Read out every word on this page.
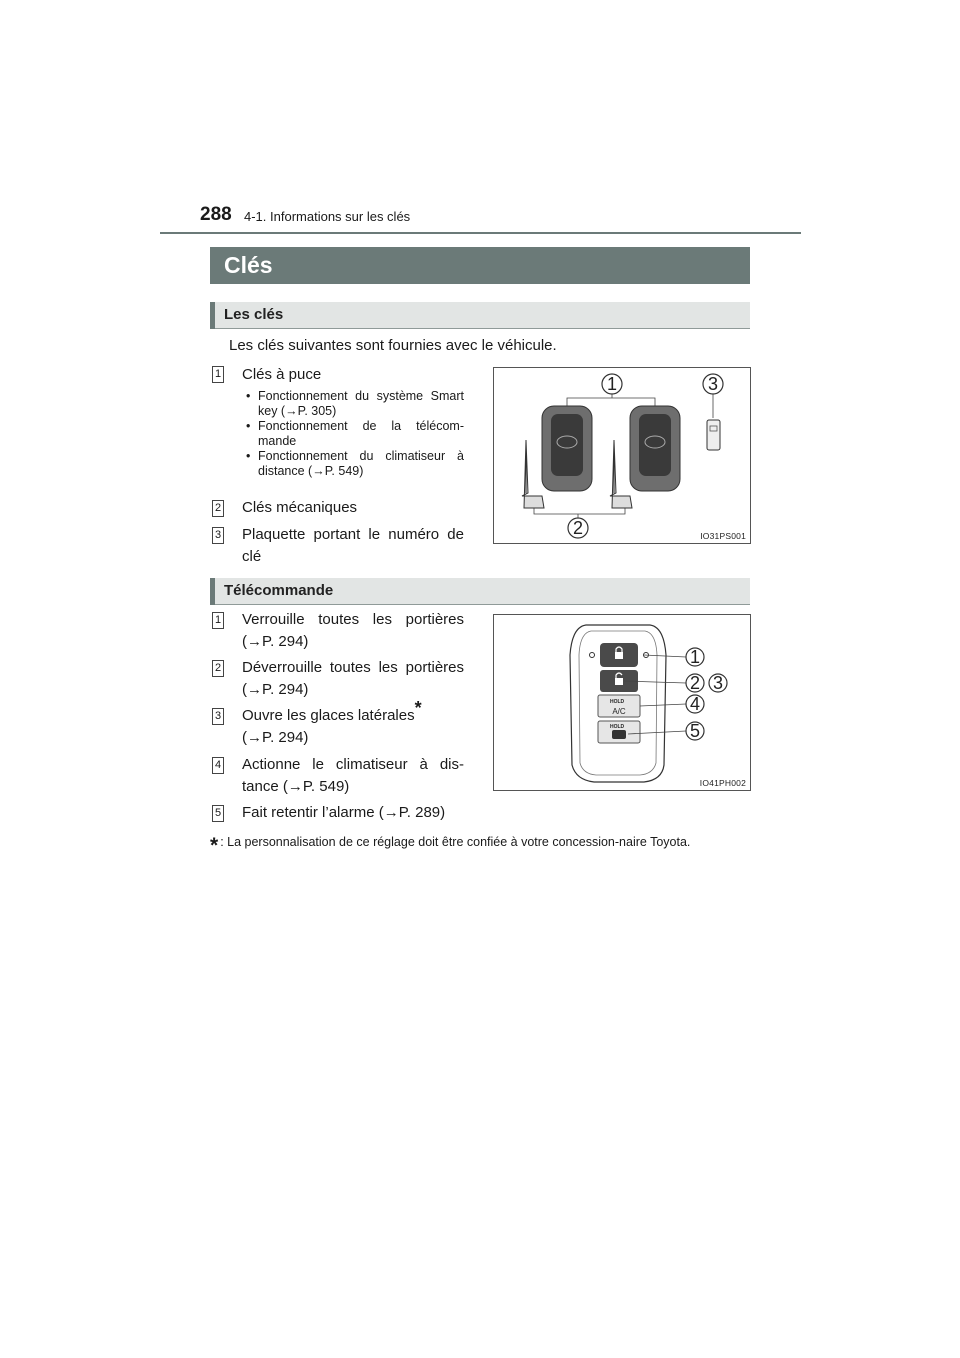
288 4-1. Informations sur les clés
Clés
Les clés
Les clés suivantes sont fournies avec le véhicule.
1 Clés à puce
• Fonctionnement du système Smart key (→P. 305)
• Fonctionnement de la télécom-mande
• Fonctionnement du climatiseur à distance (→P. 549)
2 Clés mécaniques
3 Plaquette portant le numéro de clé
1	3
2	IO31PS001
Télécommande
1 Verrouille toutes les portières (→P. 294)
2 Déverrouille toutes les portières (→P. 294)
3 Ouvre les glaces latérales*
(→P. 294)
4 Actionne le climatiseur à dis-tance (→P. 549)
5 Fait retentir l’alarme (→P. 289)
HOLD
A/C
HOLD
1
2 3
4
5
IO41PH002
* : La personnalisation de ce réglage doit être confiée à votre concession-naire Toyota.
